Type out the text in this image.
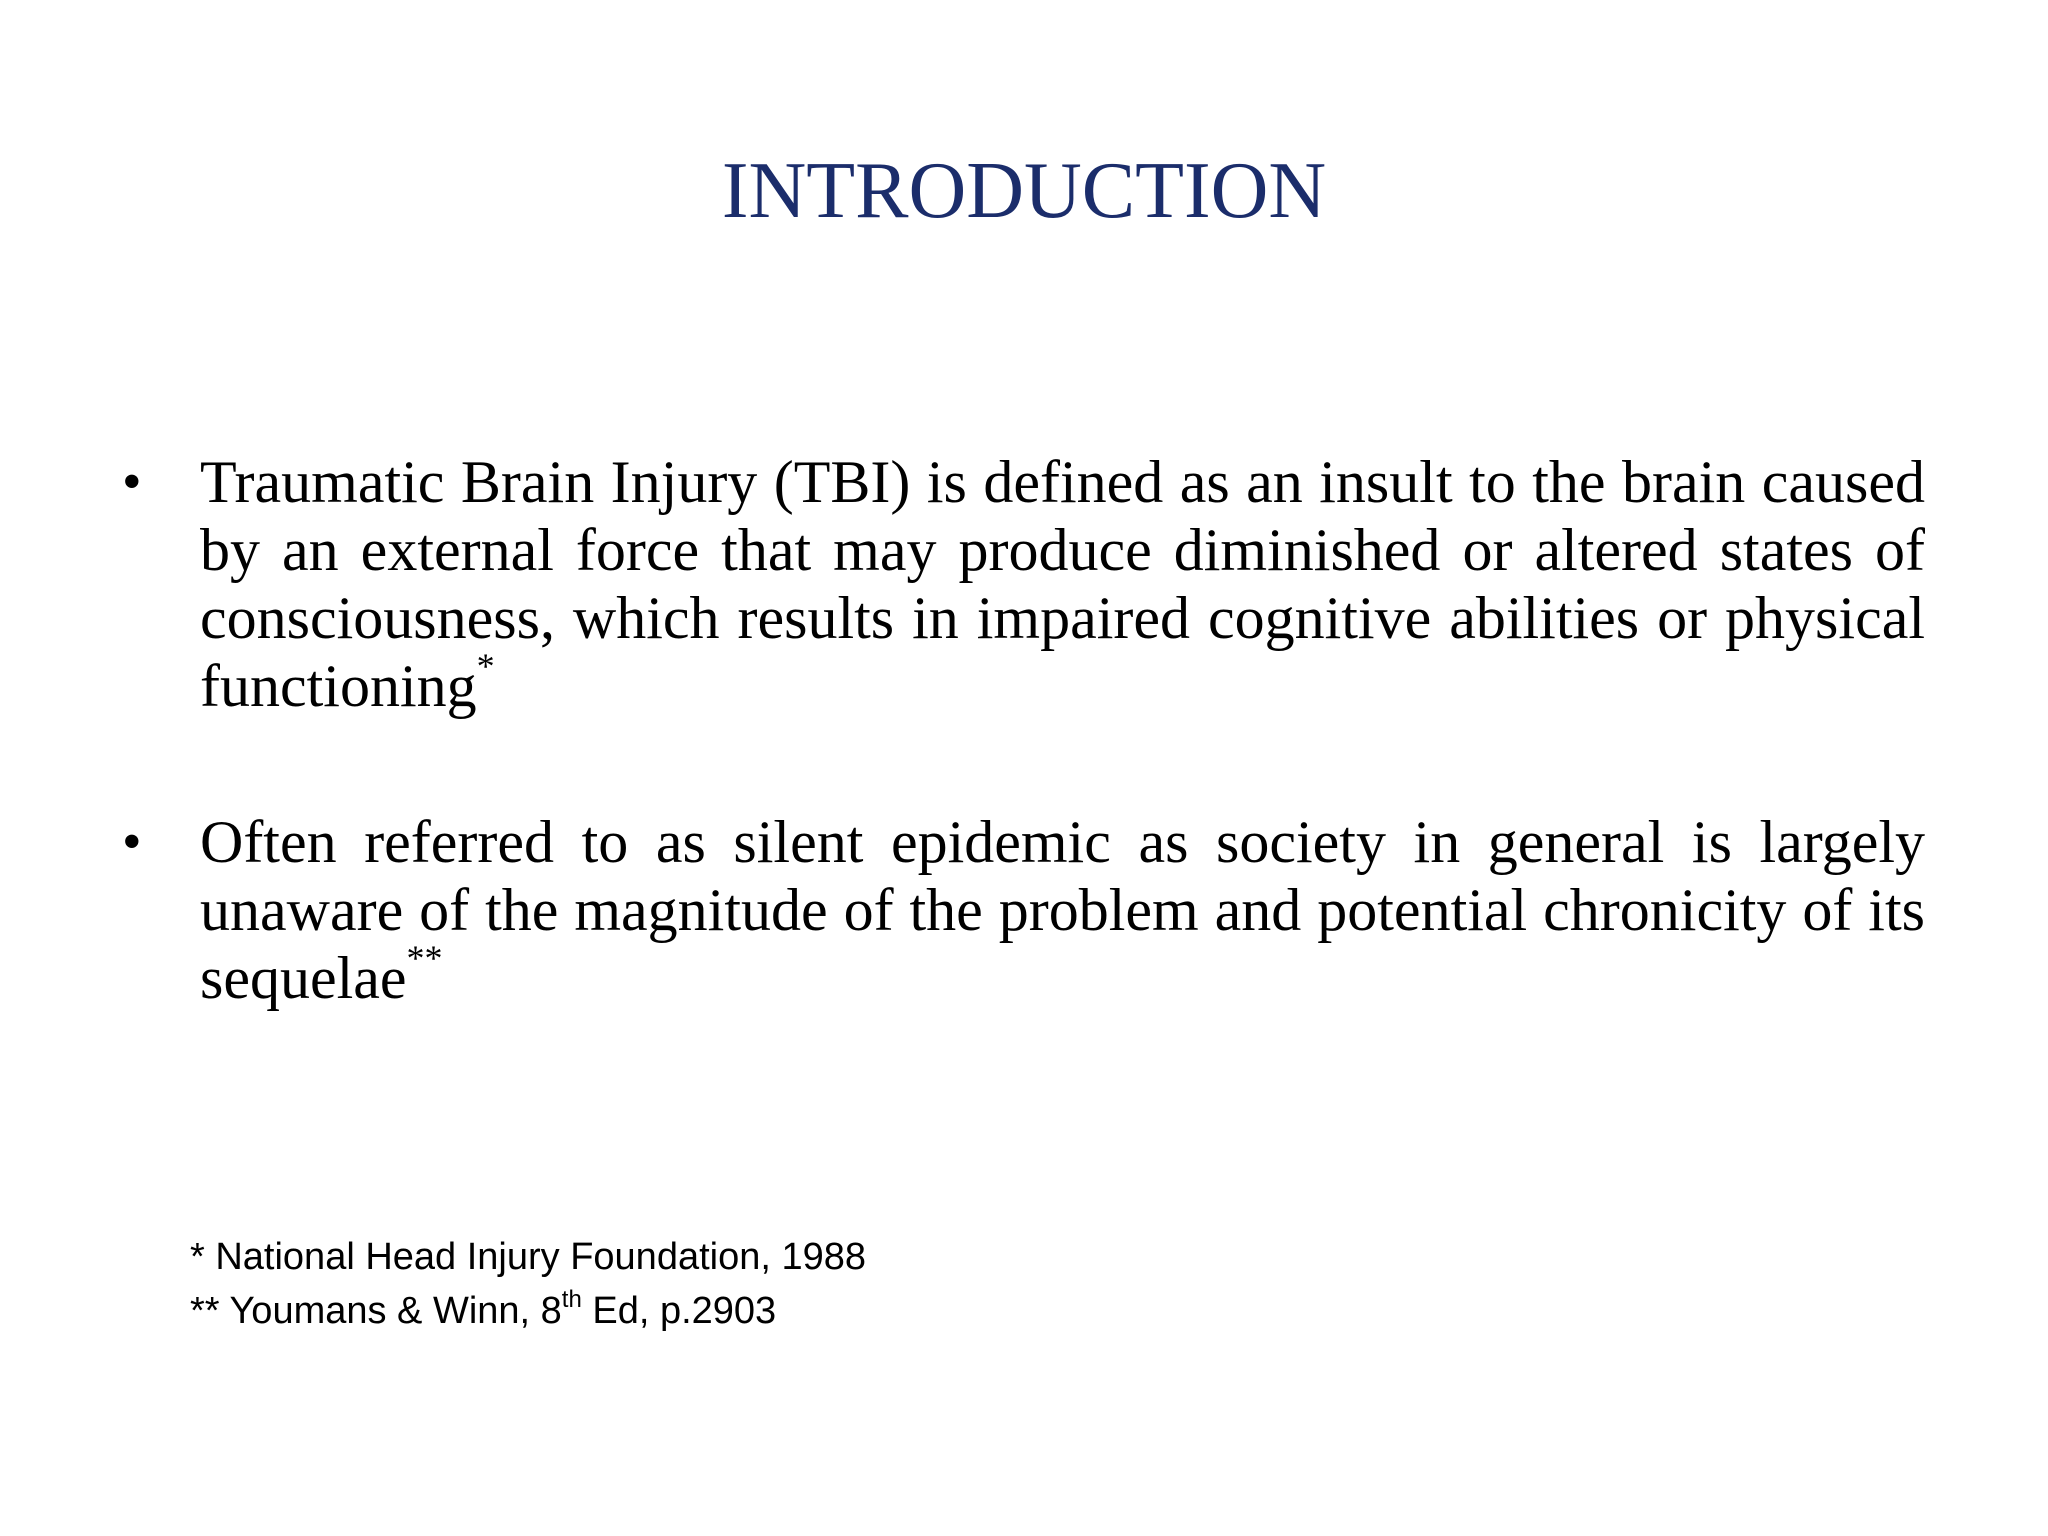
INTRODUCTION
• Traumatic Brain Injury (TBI) is defined as an insult to the brain caused by an external force that may produce diminished or altered states of consciousness, which results in impaired cognitive abilities or physical functioning*
• Often referred to as silent epidemic as society in general is largely unaware of the magnitude of the problem and potential chronicity of its sequelae**
* National Head Injury Foundation, 1988
** Youmans & Winn, 8th Ed, p.2903
